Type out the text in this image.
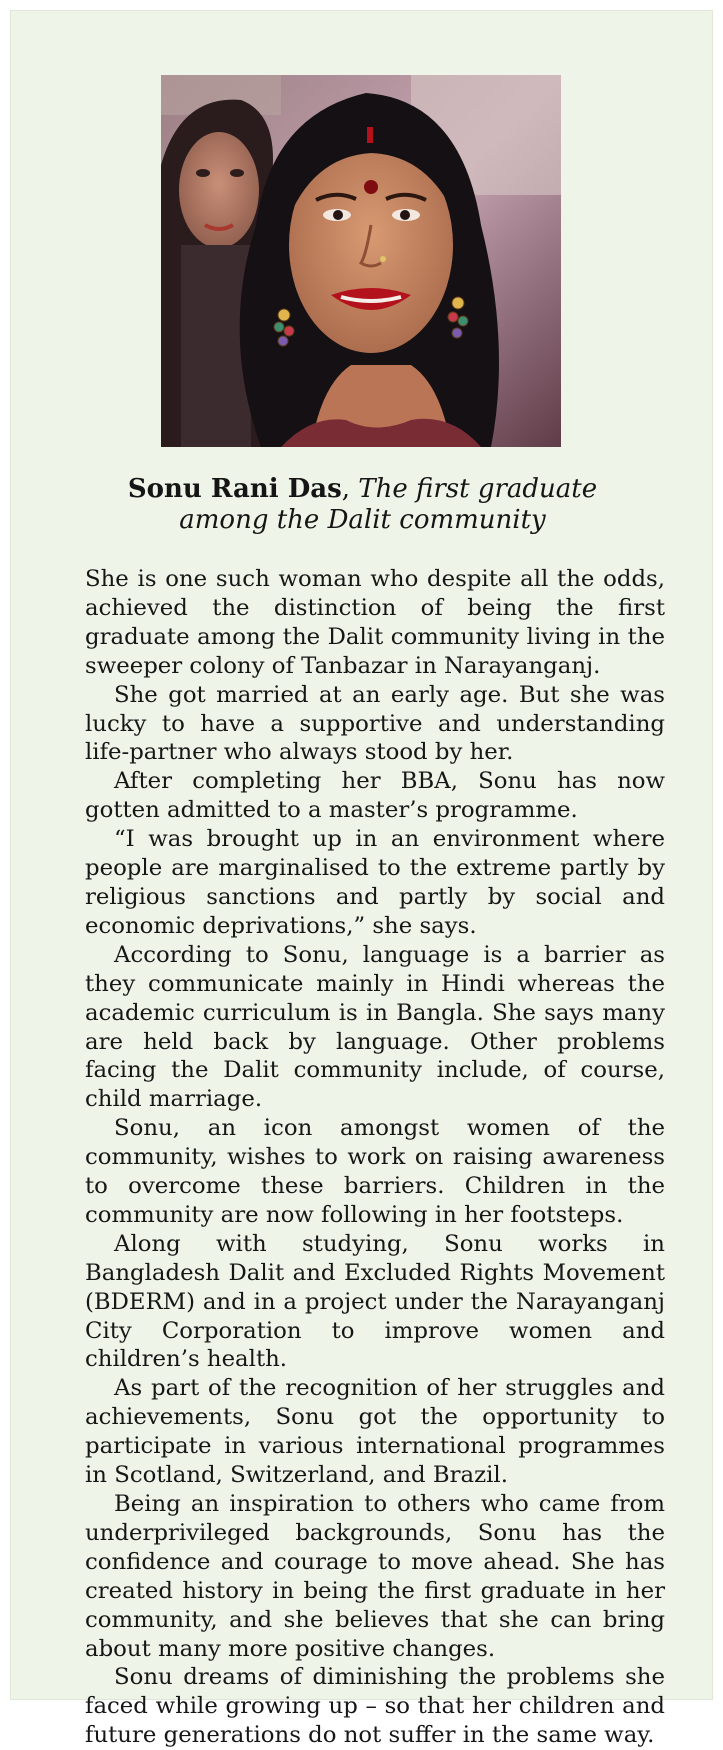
Sonu Rani Das, The first graduate
among the Dalit community

She is one such woman who despite all the odds, achieved the distinction of being the first graduate among the Dalit community living in the sweeper colony of Tanbazar in Narayanganj.

She got married at an early age. But she was lucky to have a supportive and understanding life-partner who always stood by her.

After completing her BBA, Sonu has now gotten admitted to a master’s programme.

“I was brought up in an environment where people are marginalised to the extreme partly by religious sanctions and partly by social and economic deprivations,” she says.

According to Sonu, language is a barrier as they communicate mainly in Hindi whereas the academic curriculum is in Bangla. She says many are held back by language. Other problems facing the Dalit community include, of course, child marriage.

Sonu, an icon amongst women of the community, wishes to work on raising awareness to overcome these barriers. Children in the community are now following in her footsteps.

Along with studying, Sonu works in Bangladesh Dalit and Excluded Rights Movement (BDERM) and in a project under the Narayanganj City Corporation to improve women and children’s health.

As part of the recognition of her struggles and achievements, Sonu got the opportunity to participate in various international programmes in Scotland, Switzerland, and Brazil.

Being an inspiration to others who came from underprivileged backgrounds, Sonu has the confidence and courage to move ahead. She has created history in being the first graduate in her community, and she believes that she can bring about many more positive changes.

Sonu dreams of diminishing the problems she faced while growing up – so that her children and future generations do not suffer in the same way.
